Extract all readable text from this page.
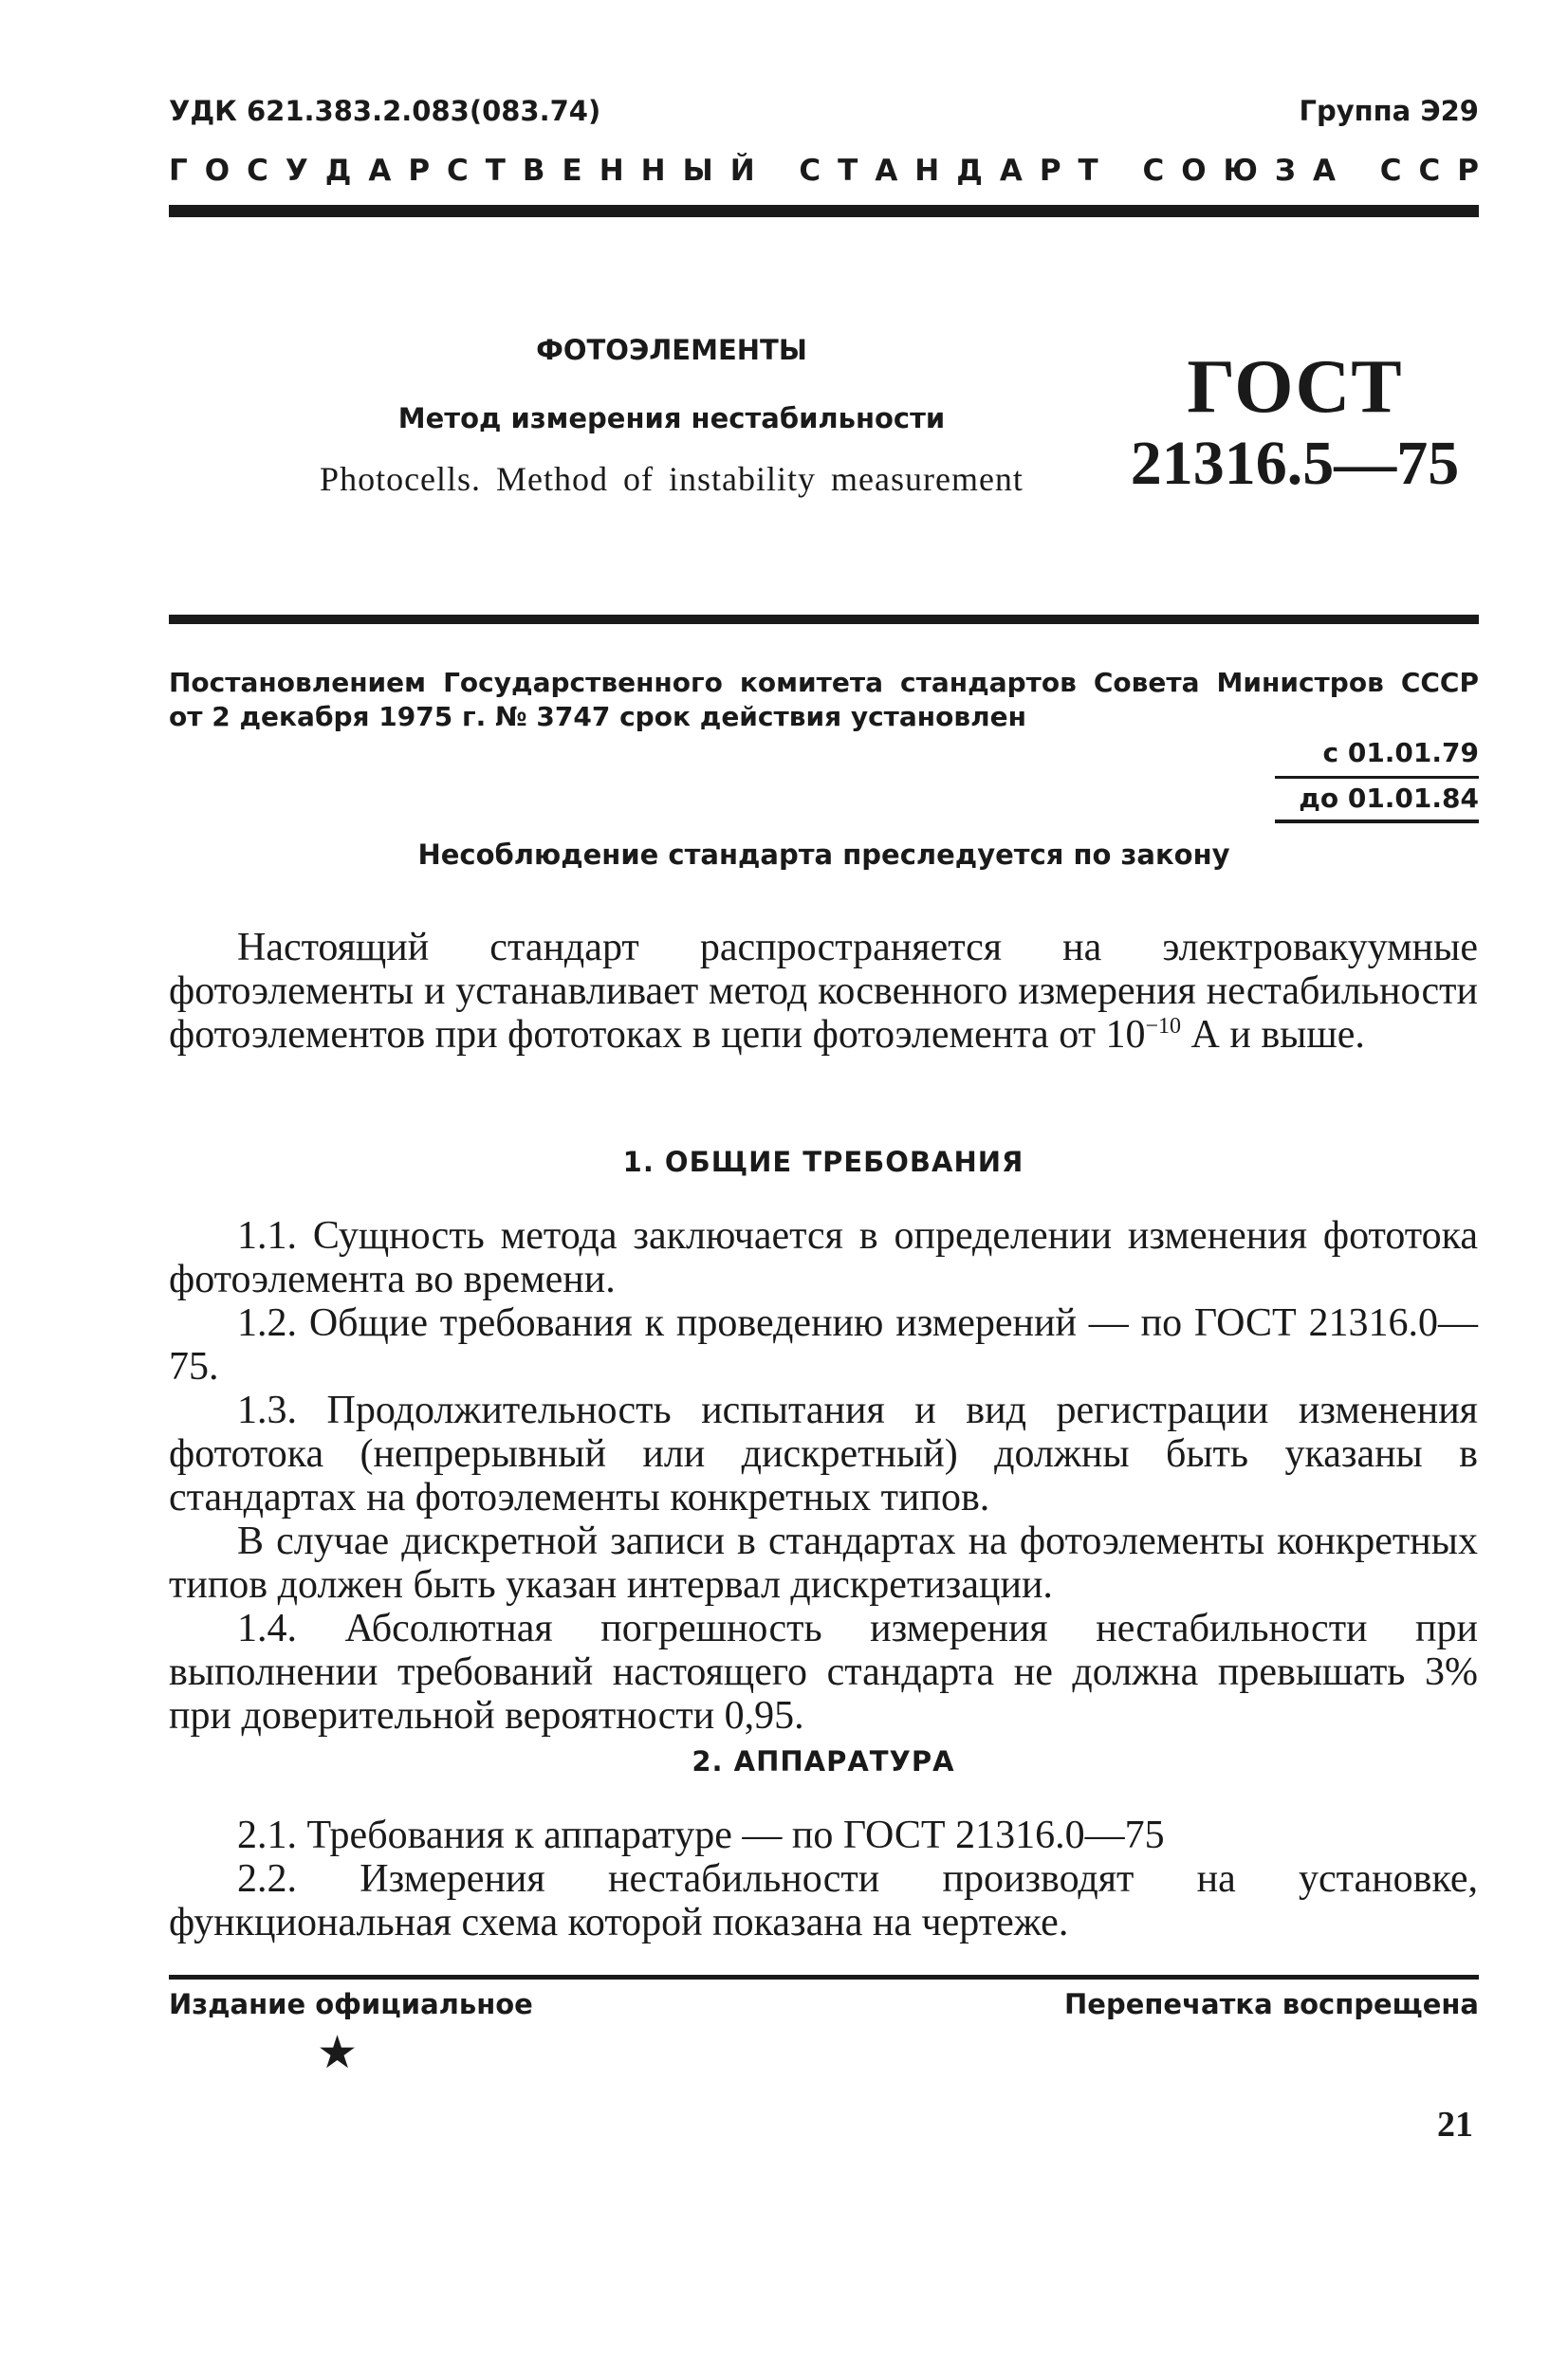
УДК 621.383.2.083(083.74)	Группа Э29
Г О С У Д А Р С Т В Е Н Н Ы Й
С Т А Н Д А Р Т
С О Ю З А
С С Р
ФОТОЭЛЕМЕНТЫ
Метод измерения нестабильности
Photocells. Method of instability measurement
ГОСТ
21316.5—75
Постановлением Государственного комитета стандартов Совета Министров СССР
от 2 декабря 1975 г. № 3747 срок действия установлен
с 01.01.79
до 01.01.84
Несоблюдение стандарта преследуется по закону

Настоящий стандарт распространяется на электровакуумные фотоэлементы и устанавливает метод косвенного измерения нестабильности фотоэлементов при фототоках в цепи фотоэлемента от $10^{-10}$ А и выше.

1. ОБЩИЕ ТРЕБОВАНИЯ

1.1. Сущность метода заключается в определении изменения фототока фотоэлемента во времени.

1.2. Общие требования к проведению измерений — по ГОСТ 21316.0—75.

1.3. Продолжительность испытания и вид регистрации изменения фототока (непрерывный или дискретный) должны быть указаны в стандартах на фотоэлементы конкретных типов.

В случае дискретной записи в стандартах на фотоэлементы конкретных типов должен быть указан интервал дискретизации.

1.4. Абсолютная погрешность измерения нестабильности при выполнении требований настоящего стандарта не должна превышать 3% при доверительной вероятности 0,95.

2. АППАРАТУРА

2.1. Требования к аппаратуре — по ГОСТ 21316.0—75

2.2. Измерения нестабильности производят на установке, функциональная схема которой показана на чертеже.

Издание официальное	Перепечатка воспрещена
★
21
